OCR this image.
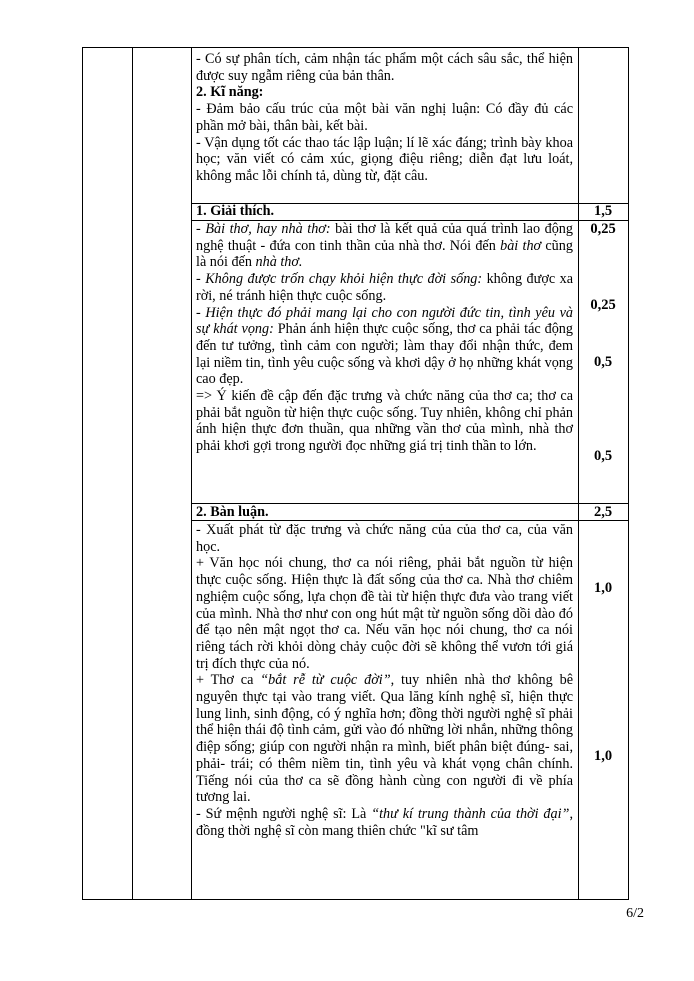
- Có sự phân tích, cảm nhận tác phẩm một cách sâu sắc, thể hiện được suy ngẫm riêng của bản thân.

2. Kĩ năng:

- Đảm bảo cấu trúc của một bài văn nghị luận: Có đầy đủ các phần mở bài, thân bài, kết bài.

- Vận dụng tốt các thao tác lập luận; lí lẽ xác đáng; trình bày khoa học; văn viết có cảm xúc, giọng điệu riêng; diễn đạt lưu loát, không mắc lỗi chính tả, dùng từ, đặt câu.

1. Giải thích.	1,5

- Bài thơ, hay nhà thơ: bài thơ là kết quả của quá trình lao động nghệ thuật - đứa con tinh thần của nhà thơ. Nói đến bài thơ cũng là nói đến nhà thơ.

- Không được trốn chạy khỏi hiện thực đời sống: không được xa rời, né tránh hiện thực cuộc sống.

- Hiện thực đó phải mang lại cho con người đức tin, tình yêu và sự khát vọng: Phản ánh hiện thực cuộc sống, thơ ca phải tác động đến tư tưởng, tình cảm con người; làm thay đổi nhận thức, đem lại niềm tin, tình yêu cuộc sống và khơi dậy ở họ những khát vọng cao đẹp.

=> Ý kiến đề cập đến đặc trưng và chức năng của thơ ca; thơ ca phải bắt nguồn từ hiện thực cuộc sống. Tuy nhiên, không chỉ phản ánh hiện thực đơn thuần, qua những vần thơ của mình, nhà thơ phải khơi gợi trong người đọc những giá trị tinh thần to lớn.

0,25
0,25
0,5
0,5
2. Bàn luận.	2,5

- Xuất phát từ đặc trưng và chức năng của của thơ ca, của văn học.

+ Văn học nói chung, thơ ca nói riêng, phải bắt nguồn từ hiện thực cuộc sống. Hiện thực là đất sống của thơ ca. Nhà thơ chiêm nghiệm cuộc sống, lựa chọn đề tài từ hiện thực đưa vào trang viết của mình. Nhà thơ như con ong hút mật từ nguồn sống dồi dào đó để tạo nên mật ngọt thơ ca. Nếu văn học nói chung, thơ ca nói riêng tách rời khỏi dòng chảy cuộc đời sẽ không thể vươn tới giá trị đích thực của nó.

+ Thơ ca “bắt rễ từ cuộc đời”, tuy nhiên nhà thơ không bê nguyên thực tại vào trang viết. Qua lăng kính nghệ sĩ, hiện thực lung linh, sinh động, có ý nghĩa hơn; đồng thời người nghệ sĩ phải thể hiện thái độ tình cảm, gửi vào đó những lời nhắn, những thông điệp sống; giúp con người nhận ra mình, biết phân biệt đúng- sai, phải- trái; có thêm niềm tin, tình yêu và khát vọng chân chính. Tiếng nói của thơ ca sẽ đồng hành cùng con người đi về phía tương lai.

- Sứ mệnh người nghệ sĩ: Là “thư kí trung thành của thời đại”, đồng thời nghệ sĩ còn mang thiên chức "kĩ sư tâm

1,0
1,0
6/2
